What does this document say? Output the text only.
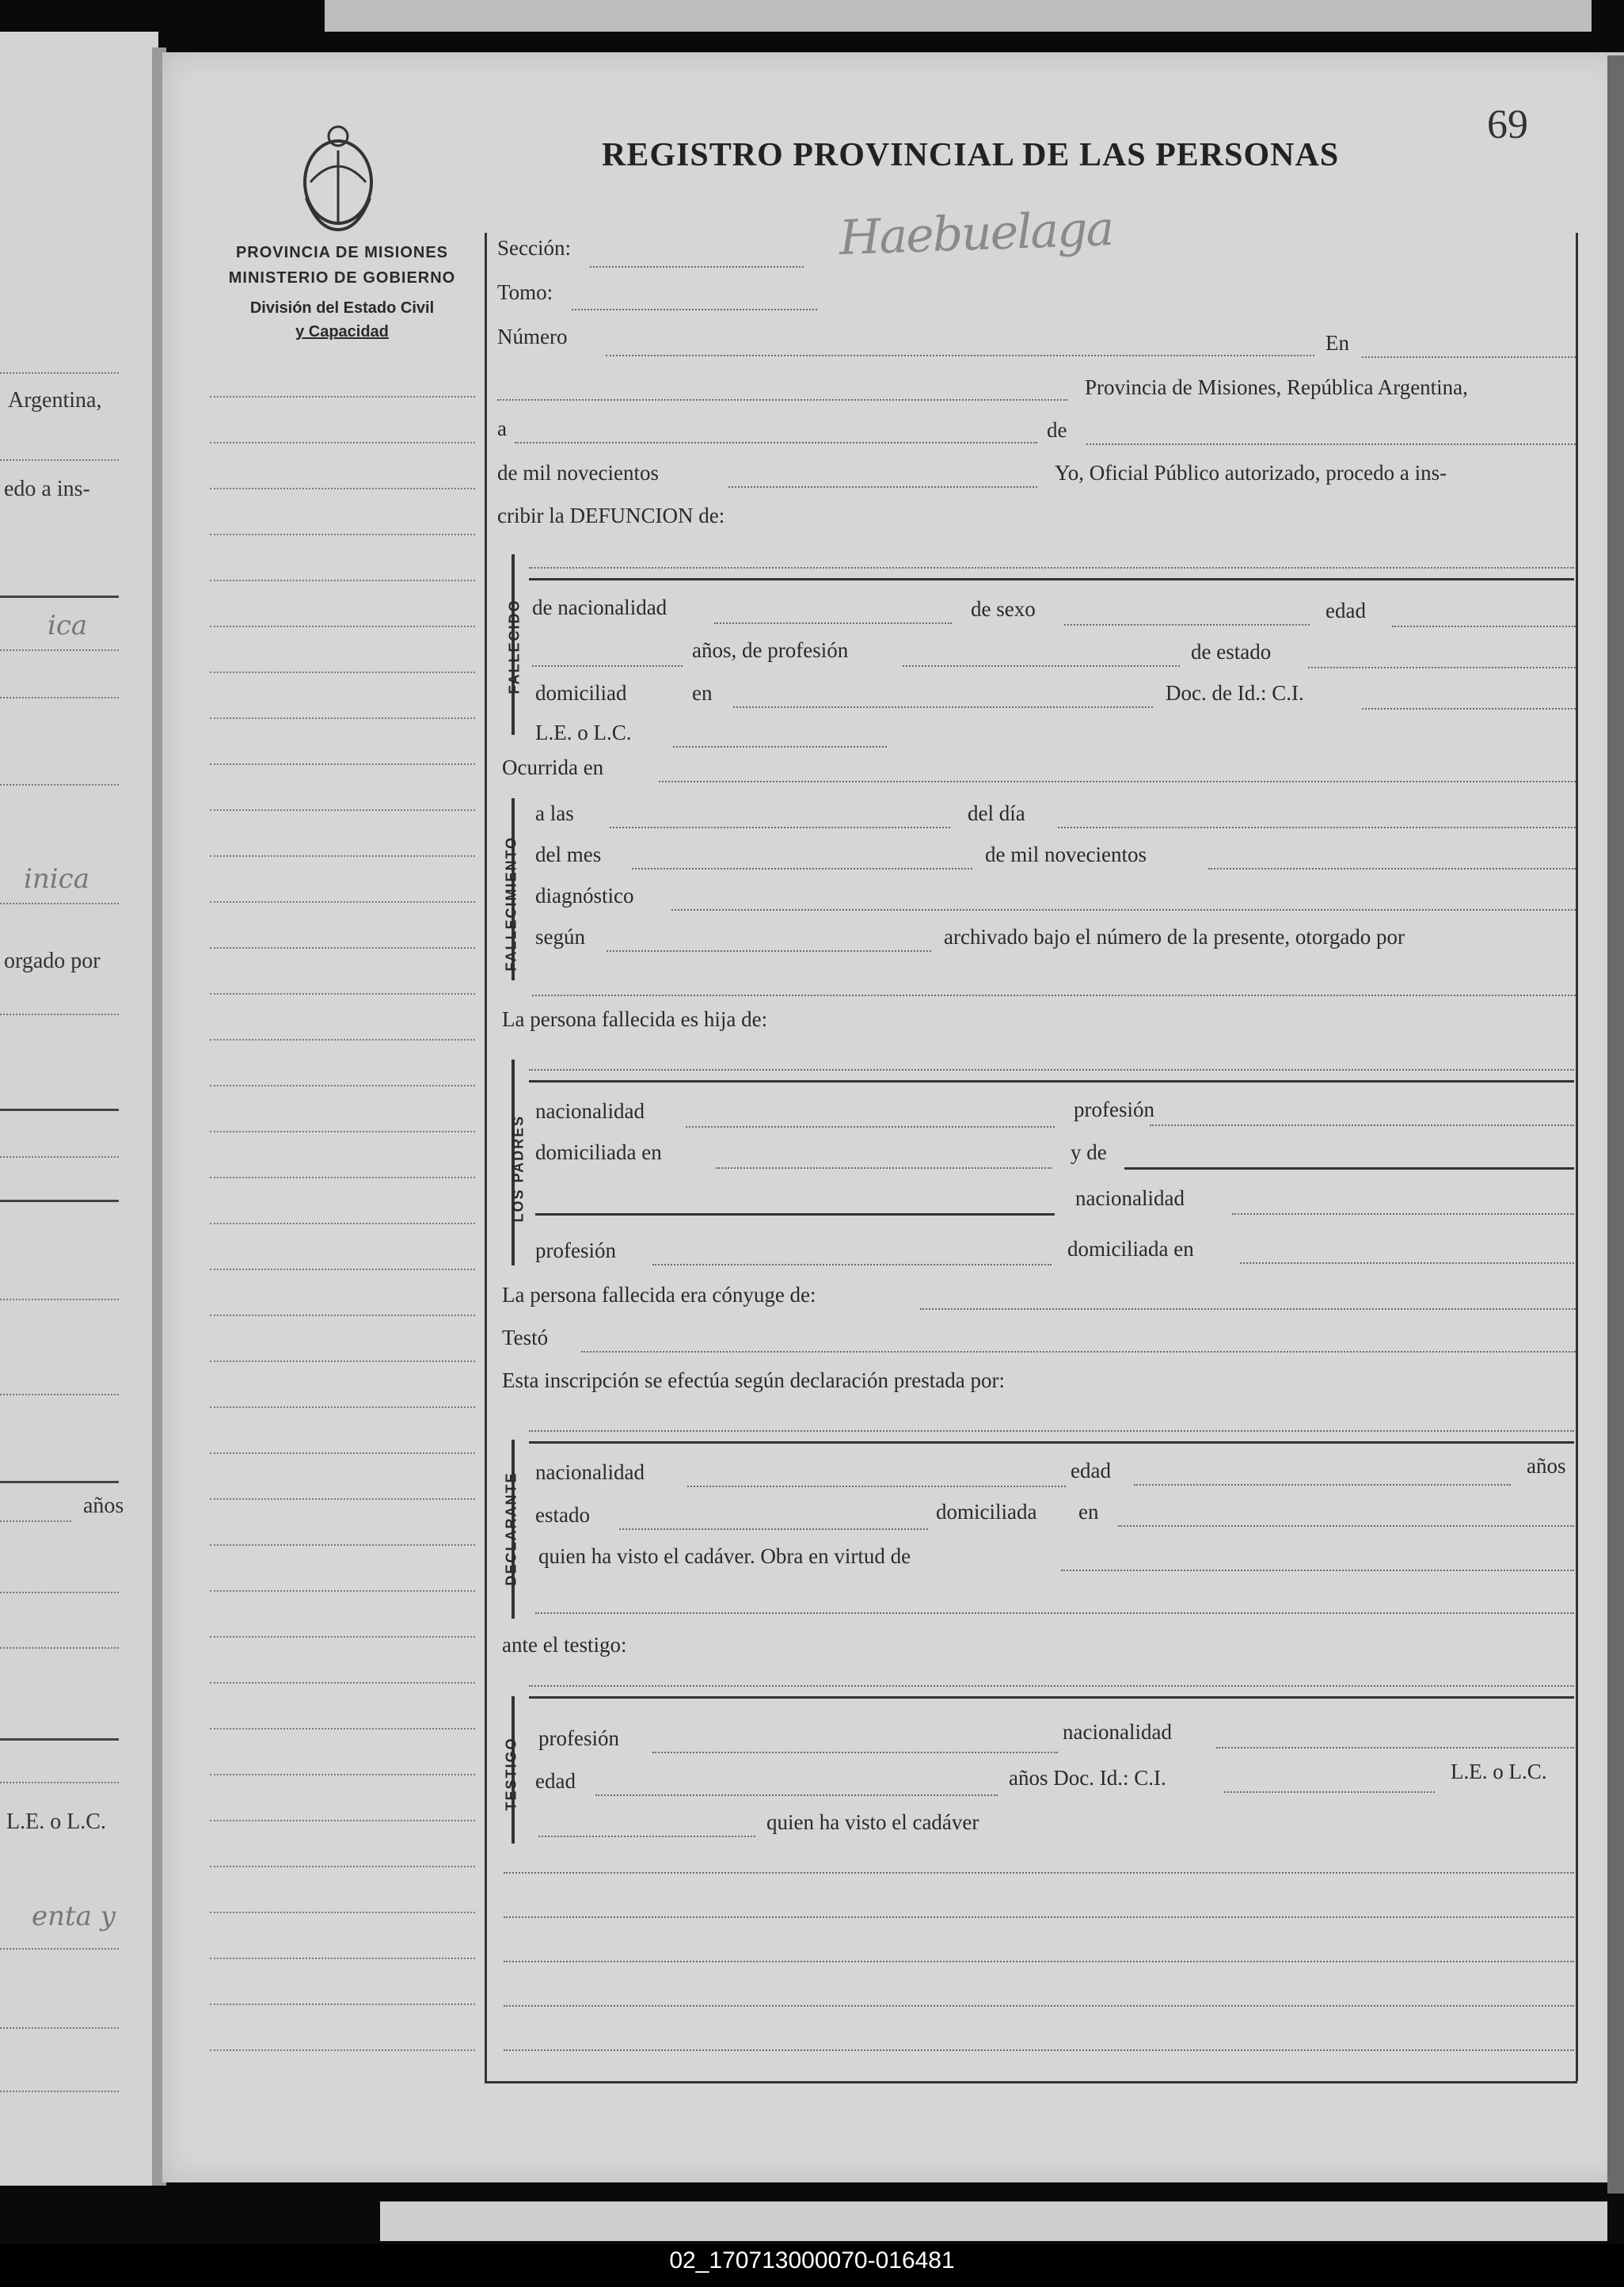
02_170713000070-016481
Argentina,
edo a ins-
ica
inica
orgado por
años
L.E. o L.C.
enta y
REGISTRO PROVINCIAL DE LAS PERSONAS
69
Haebuelaga
PROVINCIA DE MISIONES
MINISTERIO DE GOBIERNO
División del Estado Civil
y Capacidad
Sección:
Tomo:
Número	En
Provincia de Misiones, República Argentina,
a	de
de mil novecientos	Yo, Oficial Público autorizado, procedo a ins-
cribir la DEFUNCION de:
FALLECIDO de nacionalidad	de sexo	edad
años, de profesión	de estado
domiciliad	en	Doc. de Id.: C.I.
L.E. o L.C.
Ocurrida en
FALLECIMIENTO
a las	del día
del mes	de mil novecientos
diagnóstico
según	archivado bajo el número de la presente, otorgado por
La persona fallecida es hija de:
LOS PADRES
nacionalidad	profesión
domiciliada en	y de
nacionalidad
profesión	domiciliada en
La persona fallecida era cónyuge de:
Testó
Esta inscripción se efectúa según declaración prestada por:
DECLARANTE nacionalidad	edad	años
estado	domiciliada en
quien ha visto el cadáver. Obra en virtud de
ante el testigo:
TESTIGO profesión	nacionalidad
edad	años Doc. Id.: C.I.	L.E. o L.C.
quien ha visto el cadáver
